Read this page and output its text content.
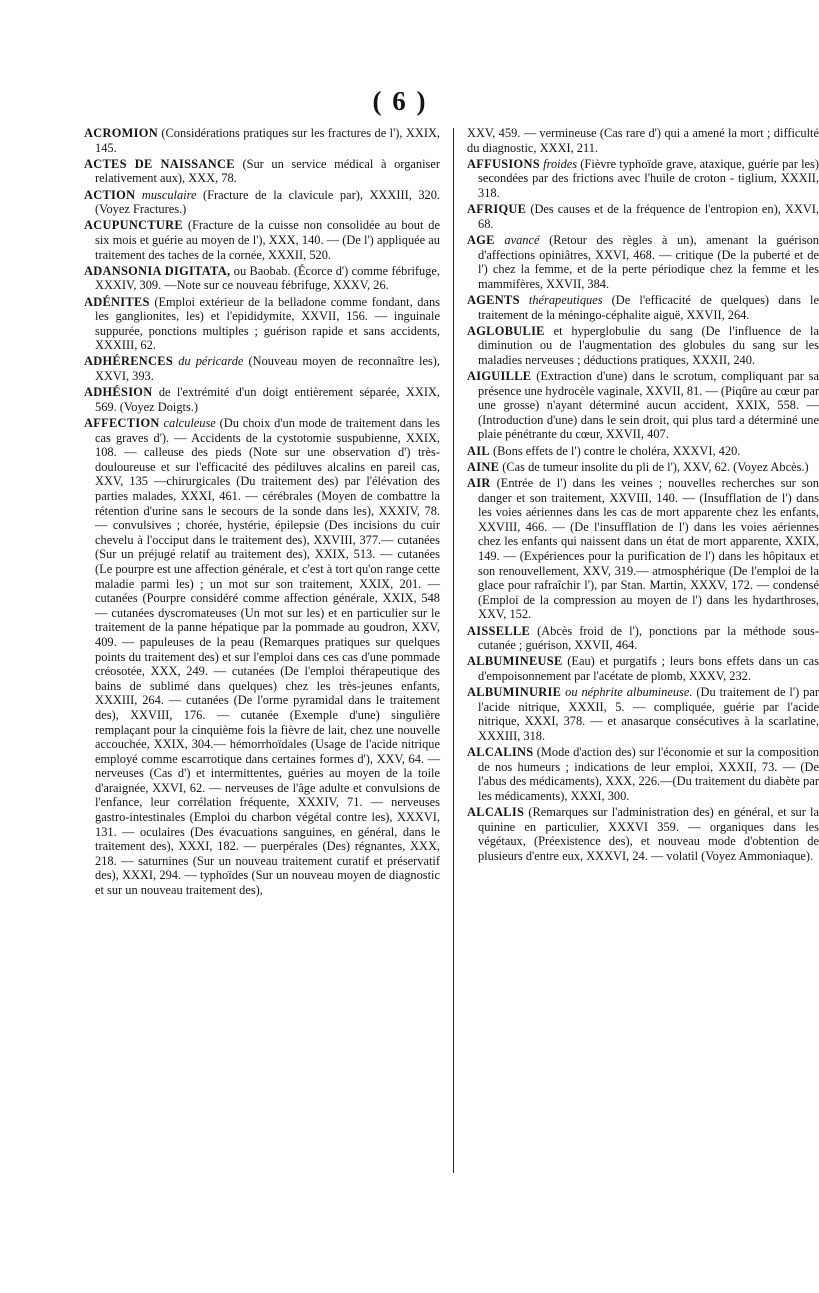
( 6 )

ACROMION (Considérations pratiques sur les fractures de l'), XXIX, 145.

ACTES DE NAISSANCE (Sur un service médical à organiser relativement aux), XXX, 78.

ACTION musculaire (Fracture de la clavicule par), XXXIII, 320. (Voyez Fractures.)

ACUPUNCTURE (Fracture de la cuisse non consolidée au bout de six mois et guérie au moyen de l'), XXX, 140. — (De l') appliquée au traitement des taches de la cornée, XXXII, 520.

ADANSONIA DIGITATA, ou Baobab. (Écorce d') comme fébrifuge, XXXIV, 309. —Note sur ce nouveau fébrifuge, XXXV, 26.

ADÉNITES (Emploi extérieur de la belladone comme fondant, dans les ganglionites, les) et l'epididymite, XXVII, 156. — inguinale suppurée, ponctions multiples ; guérison rapide et sans accidents, XXXIII, 62.

ADHÉRENCES du péricarde (Nouveau moyen de reconnaître les), XXVI, 393.

ADHÉSION de l'extrémité d'un doigt entièrement séparée, XXIX, 569. (Voyez Doigts.)

AFFECTION calculeuse (Du choix d'un mode de traitement dans les cas graves d'). — Accidents de la cystotomie suspubienne, XXIX, 108. — calleuse des pieds (Note sur une observation d') très-douloureuse et sur l'efficacité des pédiluves alcalins en pareil cas, XXV, 135 —chirurgicales (Du traitement des) par l'élévation des parties malades, XXXI, 461. — cérébrales (Moyen de combattre la rétention d'urine sans le secours de la sonde dans les), XXXIV, 78. — convulsives ; chorée, hystérie, épilepsie (Des incisions du cuir chevelu à l'occiput dans le traitement des), XXVIII, 377.— cutanées (Sur un préjugé relatif au traitement des), XXIX, 513. — cutanées (Le pourpre est une affection générale, et c'est à tort qu'on range cette maladie parmi les) ; un mot sur son traitement, XXIX, 201. — cutanées (Pourpre considéré comme affection générale, XXIX, 548 — cutanées dyscromateuses (Un mot sur les) et en particulier sur le traitement de la panne hépatique par la pommade au goudron, XXV, 409. — papuleuses de la peau (Remarques pratiques sur quelques points du traitement des) et sur l'emploi dans ces cas d'une pommade créosotée, XXX, 249. — cutanées (De l'emploi thérapeutique des bains de sublimé dans quelques) chez les très-jeunes enfants, XXXIII, 264. — cutanées (De l'orme pyramidal dans le traitement des), XXVIII, 176. — cutanée (Exemple d'une) singulière remplaçant pour la cinquième fois la fièvre de lait, chez une nouvelle accouchée, XXIX, 304.— hémorrhoïdales (Usage de l'acide nitrique employé comme escarrotique dans certaines formes d'), XXV, 64. — nerveuses (Cas d') et intermittentes, guéries au moyen de la toile d'araignée, XXVI, 62. — nerveuses de l'âge adulte et convulsions de l'enfance, leur corrélation fréquente, XXXIV, 71. — nerveuses gastro-intestinales (Emploi du charbon végétal contre les), XXXVI, 131. — oculaires (Des évacuations sanguines, en général, dans le traitement des), XXXI, 182. — puerpérales (Des) régnantes, XXX, 218. — saturnines (Sur un nouveau traitement curatif et préservatif des), XXXI, 294. — typhoïdes (Sur un nouveau moyen de diagnostic et sur un nouveau traitement des),

XXV, 459. — vermineuse (Cas rare d') qui a amené la mort ; difficulté du diagnostic, XXXI, 211.

AFFUSIONS froides (Fièvre typhoïde grave, ataxique, guérie par les) secondées par des frictions avec l'huile de croton - tiglium, XXXII, 318.

AFRIQUE (Des causes et de la fréquence de l'entropion en), XXVI, 68.

AGE avancé (Retour des règles à un), amenant la guérison d'affections opiniâtres, XXVI, 468. — critique (De la puberté et de l') chez la femme, et de la perte périodique chez la femme et les mammifères, XXVII, 384.

AGENTS thérapeutiques (De l'efficacité de quelques) dans le traitement de la méningo-céphalite aiguë, XXVII, 264.

AGLOBULIE et hyperglobulie du sang (De l'influence de la diminution ou de l'augmentation des globules du sang sur les maladies nerveuses ; déductions pratiques, XXXII, 240.

AIGUILLE (Extraction d'une) dans le scrotum, compliquant par sa présence une hydrocèle vaginale, XXVII, 81. — (Piqûre au cœur par une grosse) n'ayant déterminé aucun accident, XXIX, 558. — (Introduction d'une) dans le sein droit, qui plus tard a déterminé une plaie pénétrante du cœur, XXVII, 407.

AIL (Bons effets de l') contre le choléra, XXXVI, 420.

AINE (Cas de tumeur insolite du pli de l'), XXV, 62. (Voyez Abcès.)

AIR (Entrée de l') dans les veines ; nouvelles recherches sur son danger et son traitement, XXVIII, 140. — (Insufflation de l') dans les voies aériennes dans les cas de mort apparente chez les enfants, XXVIII, 466. — (De l'insufflation de l') dans les voies aériennes chez les enfants qui naissent dans un état de mort apparente, XXIX, 149. — (Expériences pour la purification de l') dans les hôpitaux et son renouvellement, XXV, 319.— atmosphérique (De l'emploi de la glace pour rafraîchir l'), par Stan. Martin, XXXV, 172. — condensé (Emploi de la compression au moyen de l') dans les hydarthroses, XXV, 152.

AISSELLE (Abcès froid de l'), ponctions par la méthode sous-cutanée ; guérison, XXVII, 464.

ALBUMINEUSE (Eau) et purgatifs ; leurs bons effets dans un cas d'empoisonnement par l'acétate de plomb, XXXV, 232.

ALBUMINURIE ou néphrite albumineuse. (Du traitement de l') par l'acide nitrique, XXXII, 5. — compliquée, guérie par l'acide nitrique, XXXI, 378. — et anasarque consécutives à la scarlatine, XXXIII, 318.

ALCALINS (Mode d'action des) sur l'économie et sur la composition de nos humeurs ; indications de leur emploi, XXXII, 73. — (De l'abus des médicaments), XXX, 226.—(Du traitement du diabète par les médicaments), XXXI, 300.

ALCALIS (Remarques sur l'administration des) en général, et sur la quinine en particulier, XXXVI 359. — organiques dans les végétaux, (Préexistence des), et nouveau mode d'obtention de plusieurs d'entre eux, XXXVI, 24. — volatil (Voyez Ammoniaque).
